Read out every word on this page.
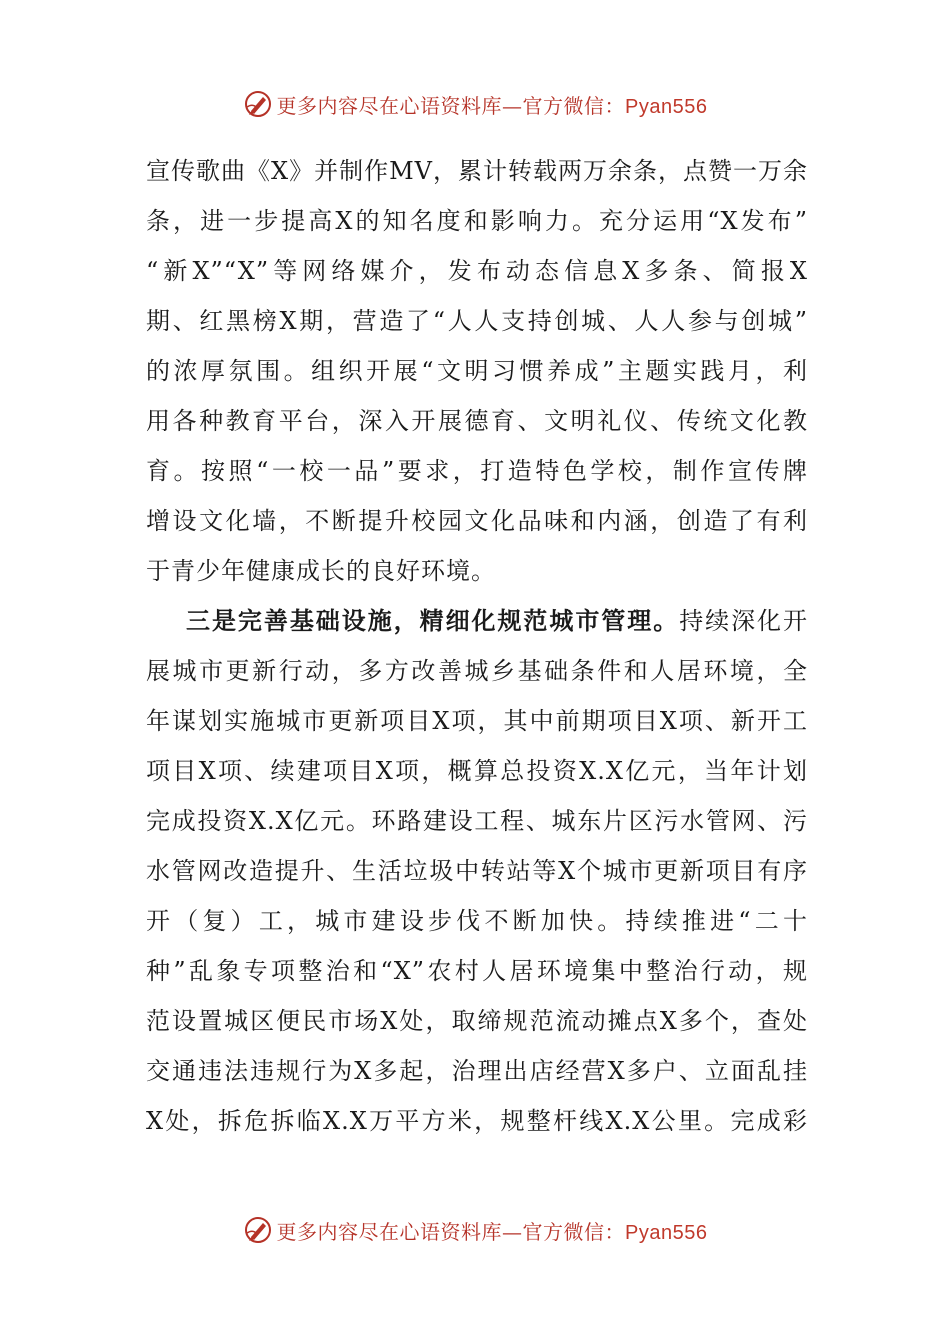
更多内容尽在心语资料库—官方微信：Pyan556
宣传歌曲《X》并制作MV，累计转载两万余条，点赞一万余
条，进一步提高X的知名度和影响力。充分运用“X发布”
“新X”“X”等网络媒介，发布动态信息X多条、简报X
期、红黑榜X期，营造了“人人支持创城、人人参与创城”
的浓厚氛围。组织开展“文明习惯养成”主题实践月，利
用各种教育平台，深入开展德育、文明礼仪、传统文化教
育。按照“一校一品”要求，打造特色学校，制作宣传牌
增设文化墙，不断提升校园文化品味和内涵，创造了有利
于青少年健康成长的良好环境。
三是完善基础设施，精细化规范城市管理。持续深化开
展城市更新行动，多方改善城乡基础条件和人居环境，全
年谋划实施城市更新项目X项，其中前期项目X项、新开工
项目X项、续建项目X项，概算总投资X.X亿元，当年计划
完成投资X.X亿元。环路建设工程、城东片区污水管网、污
水管网改造提升、生活垃圾中转站等X个城市更新项目有序
开（复）工，城市建设步伐不断加快。持续推进“二十
种”乱象专项整治和“X”农村人居环境集中整治行动，规
范设置城区便民市场X处，取缔规范流动摊点X多个，查处
交通违法违规行为X多起，治理出店经营X多户、立面乱挂
X处，拆危拆临X.X万平方米，规整杆线X.X公里。完成彩
更多内容尽在心语资料库—官方微信：Pyan556
